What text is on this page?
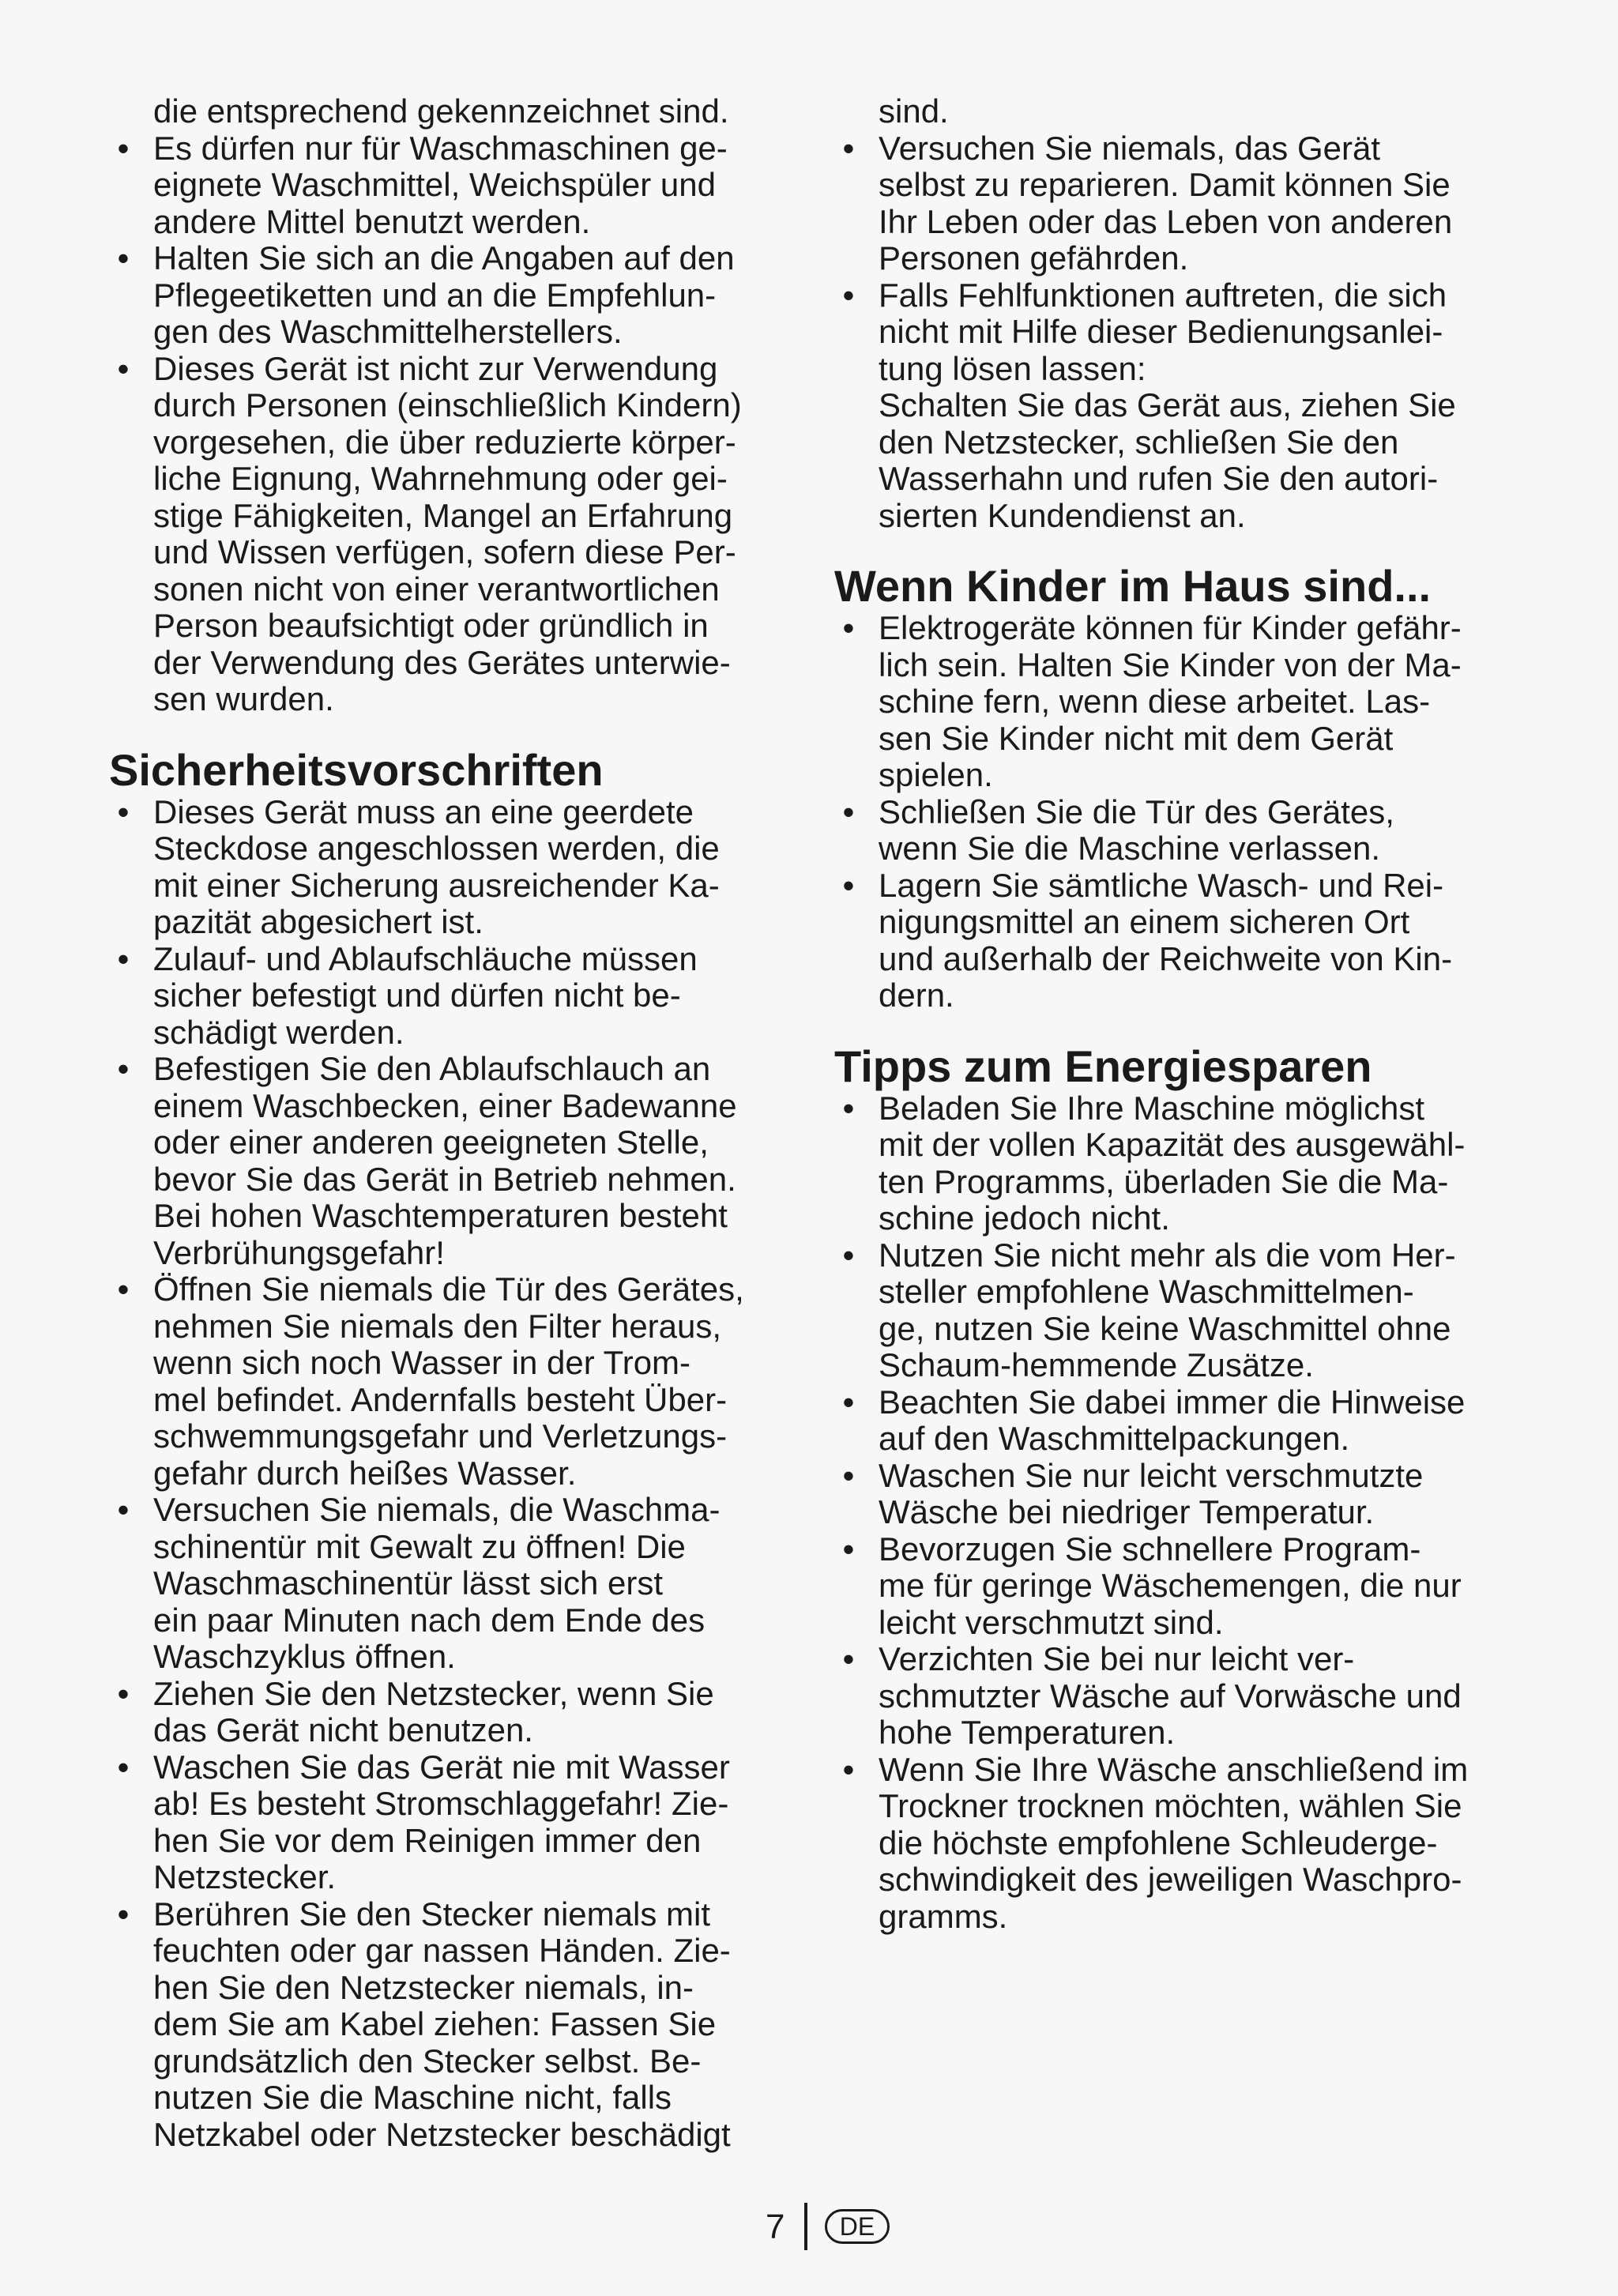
die entsprechend gekennzeichnet sind.
• Es dürfen nur für Waschmaschinen ge-
eignete Waschmittel, Weichspüler und
andere Mittel benutzt werden.
• Halten Sie sich an die Angaben auf den
Pflegeetiketten und an die Empfehlun-
gen des Waschmittelherstellers.
• Dieses Gerät ist nicht zur Verwendung
durch Personen (einschließlich Kindern)
vorgesehen, die über reduzierte körper-
liche Eignung, Wahrnehmung oder gei-
stige Fähigkeiten, Mangel an Erfahrung
und Wissen verfügen, sofern diese Per-
sonen nicht von einer verantwortlichen
Person beaufsichtigt oder gründlich in
der Verwendung des Gerätes unterwie-
sen wurden.
Sicherheitsvorschriften
• Dieses Gerät muss an eine geerdete
Steckdose angeschlossen werden, die
mit einer Sicherung ausreichender Ka-
pazität abgesichert ist.
• Zulauf- und Ablaufschläuche müssen
sicher befestigt und dürfen nicht be-
schädigt werden.
• Befestigen Sie den Ablaufschlauch an
einem Waschbecken, einer Badewanne
oder einer anderen geeigneten Stelle,
bevor Sie das Gerät in Betrieb nehmen.
Bei hohen Waschtemperaturen besteht
Verbrühungsgefahr!
• Öffnen Sie niemals die Tür des Gerätes,
nehmen Sie niemals den Filter heraus,
wenn sich noch Wasser in der Trom-
mel befindet. Andernfalls besteht Über-
schwemmungsgefahr und Verletzungs-
gefahr durch heißes Wasser.
• Versuchen Sie niemals, die Waschma-
schinentür mit Gewalt zu öffnen! Die
Waschmaschinentür lässt sich erst
ein paar Minuten nach dem Ende des
Waschzyklus öffnen.
• Ziehen Sie den Netzstecker, wenn Sie
das Gerät nicht benutzen.
• Waschen Sie das Gerät nie mit Wasser
ab! Es besteht Stromschlaggefahr! Zie-
hen Sie vor dem Reinigen immer den
Netzstecker.
• Berühren Sie den Stecker niemals mit
feuchten oder gar nassen Händen. Zie-
hen Sie den Netzstecker niemals, in-
dem Sie am Kabel ziehen: Fassen Sie
grundsätzlich den Stecker selbst. Be-
nutzen Sie die Maschine nicht, falls
Netzkabel oder Netzstecker beschädigt
sind.
• Versuchen Sie niemals, das Gerät
selbst zu reparieren. Damit können Sie
Ihr Leben oder das Leben von anderen
Personen gefährden.
• Falls Fehlfunktionen auftreten, die sich
nicht mit Hilfe dieser Bedienungsanlei-
tung lösen lassen:
Schalten Sie das Gerät aus, ziehen Sie
den Netzstecker, schließen Sie den
Wasserhahn und rufen Sie den autori-
sierten Kundendienst an.
Wenn Kinder im Haus sind...
• Elektrogeräte können für Kinder gefähr-
lich sein. Halten Sie Kinder von der Ma-
schine fern, wenn diese arbeitet. Las-
sen Sie Kinder nicht mit dem Gerät
spielen.
• Schließen Sie die Tür des Gerätes,
wenn Sie die Maschine verlassen.
• Lagern Sie sämtliche Wasch- und Rei-
nigungsmittel an einem sicheren Ort
und außerhalb der Reichweite von Kin-
dern.
Tipps zum Energiesparen
• Beladen Sie Ihre Maschine möglichst
mit der vollen Kapazität des ausgewähl-
ten Programms, überladen Sie die Ma-
schine jedoch nicht.
• Nutzen Sie nicht mehr als die vom Her-
steller empfohlene Waschmittelmen-
ge, nutzen Sie keine Waschmittel ohne
Schaum-hemmende Zusätze.
• Beachten Sie dabei immer die Hinweise
auf den Waschmittelpackungen.
• Waschen Sie nur leicht verschmutzte
Wäsche bei niedriger Temperatur.
• Bevorzugen Sie schnellere Program-
me für geringe Wäschemengen, die nur
leicht verschmutzt sind.
• Verzichten Sie bei nur leicht ver-
schmutzter Wäsche auf Vorwäsche und
hohe Temperaturen.
• Wenn Sie Ihre Wäsche anschließend im
Trockner trocknen möchten, wählen Sie
die höchste empfohlene Schleuderge-
schwindigkeit des jeweiligen Waschpro-
gramms.
7	DE
